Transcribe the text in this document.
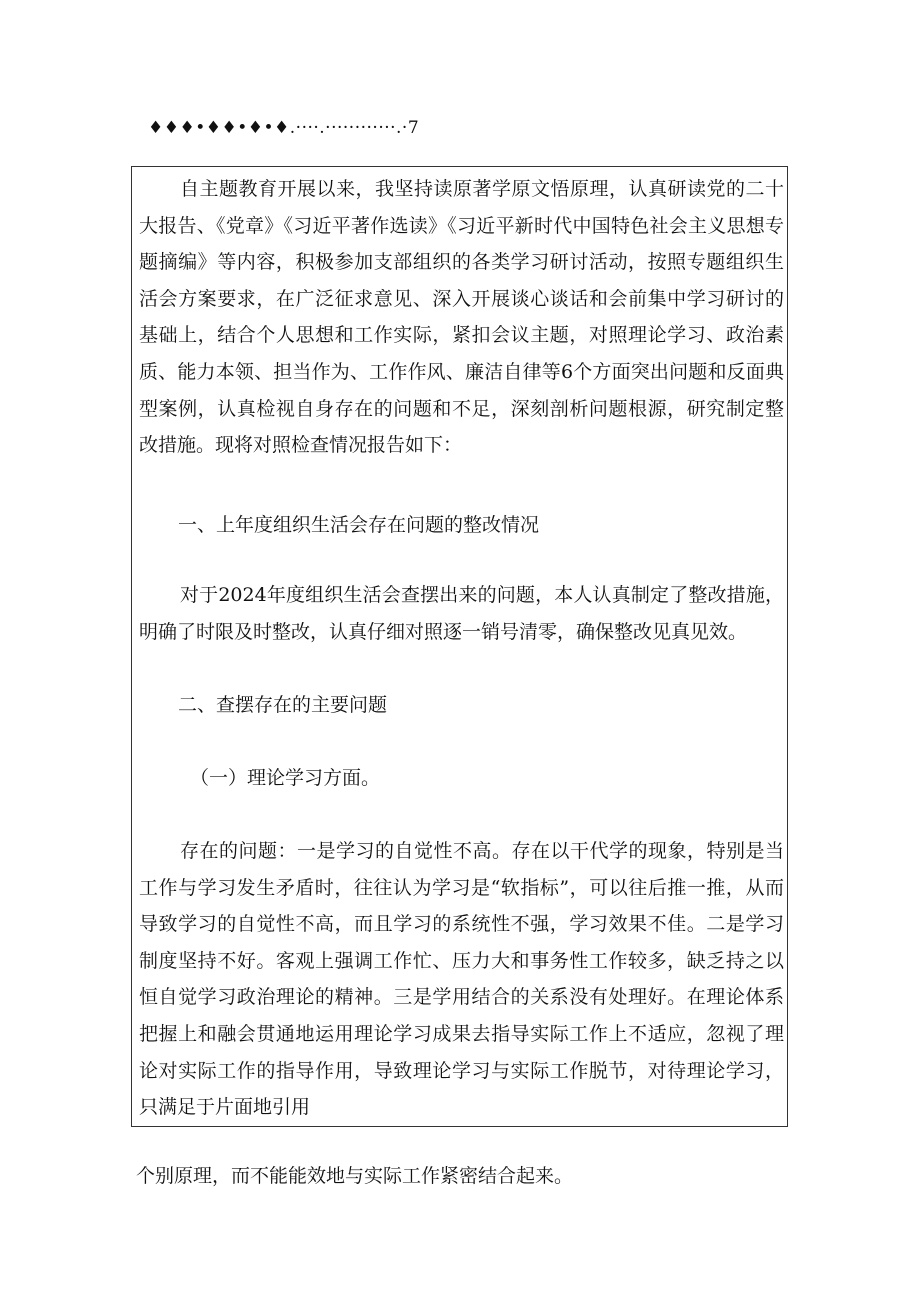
♦♦♦•♦♦•♦•♦.····.············.·7

自主题教育开展以来，我坚持读原著学原文悟原理，认真研读党的二十大报告、《党章》《习近平著作选读》《习近平新时代中国特色社会主义思想专题摘编》等内容，积极参加支部组织的各类学习研讨活动，按照专题组织生活会方案要求，在广泛征求意见、深入开展谈心谈话和会前集中学习研讨的基础上，结合个人思想和工作实际，紧扣会议主题，对照理论学习、政治素质、能力本领、担当作为、工作作风、廉洁自律等6个方面突出问题和反面典型案例，认真检视自身存在的问题和不足，深刻剖析问题根源，研究制定整改措施。现将对照检查情况报告如下：

一、上年度组织生活会存在问题的整改情况

对于2024年度组织生活会查摆出来的问题，本人认真制定了整改措施，明确了时限及时整改，认真仔细对照逐一销号清零，确保整改见真见效。

二、查摆存在的主要问题

（一）理论学习方面。

存在的问题：一是学习的自觉性不高。存在以干代学的现象，特别是当工作与学习发生矛盾时，往往认为学习是“软指标”，可以往后推一推，从而导致学习的自觉性不高，而且学习的系统性不强，学习效果不佳。二是学习制度坚持不好。客观上强调工作忙、压力大和事务性工作较多，缺乏持之以恒自觉学习政治理论的精神。三是学用结合的关系没有处理好。在理论体系把握上和融会贯通地运用理论学习成果去指导实际工作上不适应，忽视了理论对实际工作的指导作用，导致理论学习与实际工作脱节，对待理论学习，只满足于片面地引用

个别原理，而不能能效地与实际工作紧密结合起来。
